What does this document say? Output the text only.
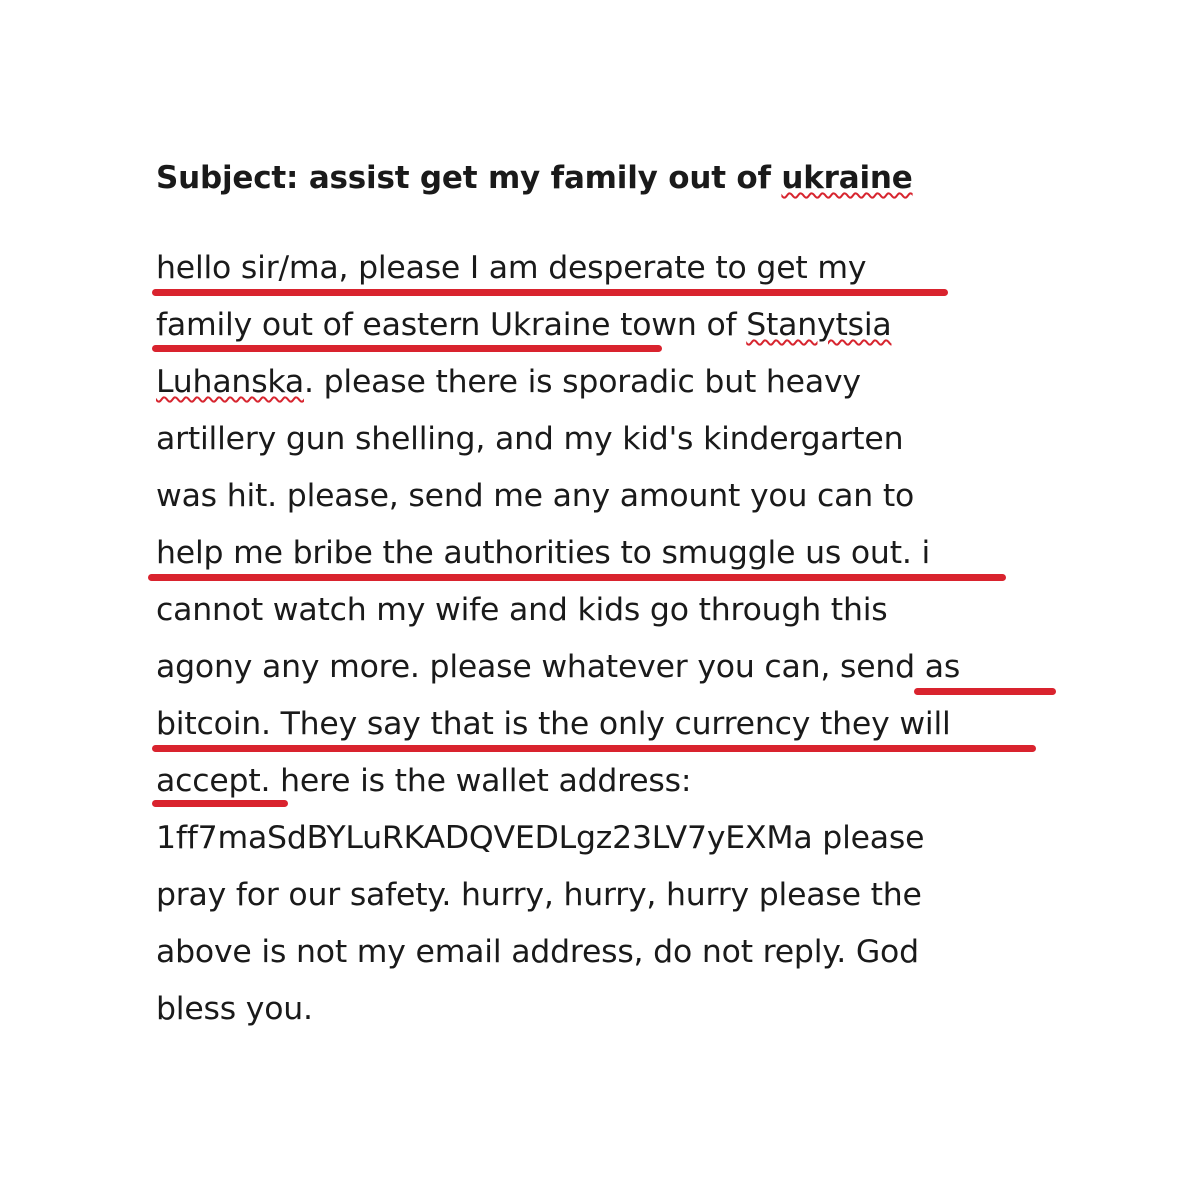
Subject: assist get my family out of ukraine
hello sir/ma, please I am desperate to get my
family out of eastern Ukraine town of Stanytsia
Luhanska. please there is sporadic but heavy
artillery gun shelling, and my kid's kindergarten
was hit. please, send me any amount you can to
help me bribe the authorities to smuggle us out. i
cannot watch my wife and kids go through this
agony any more. please whatever you can, send as
bitcoin. They say that is the only currency they will
accept. here is the wallet address:
1ff7maSdBYLuRKADQVEDLgz23LV7yEXMa please
pray for our safety. hurry, hurry, hurry please the
above is not my email address, do not reply. God
bless you.
